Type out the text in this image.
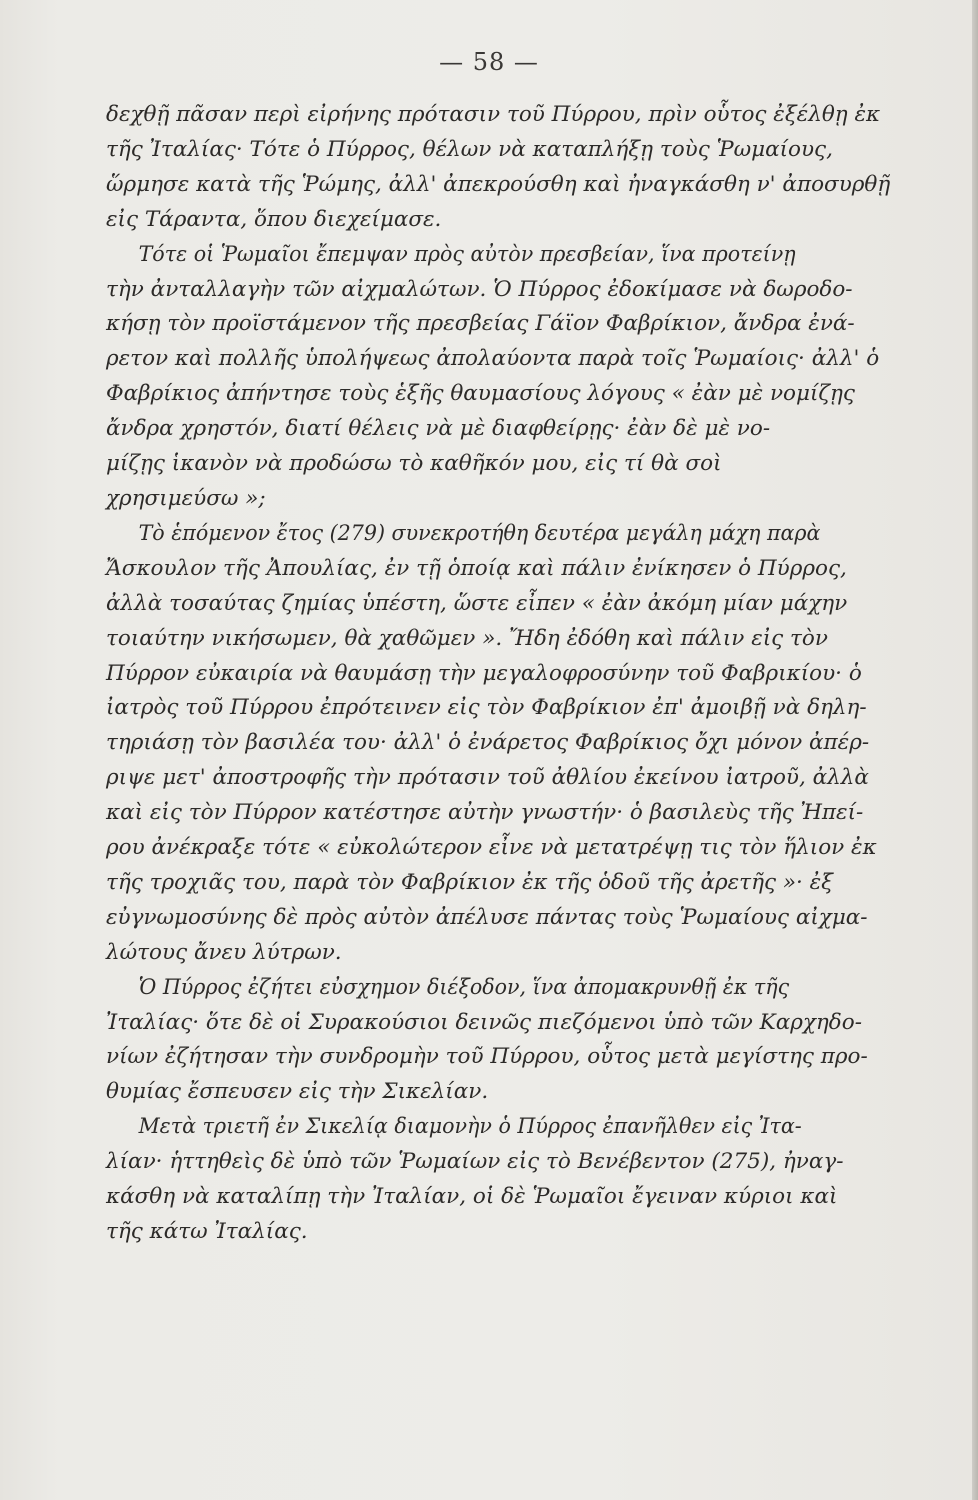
— 58 —
δεχθῇ πᾶσαν περὶ εἰρήνης πρότασιν τοῦ Πύρρου, πρὶν οὗτος ἐξέλθῃ ἐκ
τῆς Ἰταλίας· Τότε ὁ Πύρρος, θέλων νὰ καταπλήξῃ τοὺς Ῥωμαίους,
ὥρμησε κατὰ τῆς Ῥώμης, ἀλλ' ἀπεκρούσθη καὶ ἠναγκάσθη ν' ἀποσυρθῇ
εἰς Τάραντα, ὅπου διεχείμασε.
Τότε οἱ Ῥωμαῖοι ἔπεμψαν πρὸς αὐτὸν πρεσβείαν, ἵνα προτείνῃ
τὴν ἀνταλλαγὴν τῶν αἰχμαλώτων. Ὁ Πύρρος ἐδοκίμασε νὰ δωροδο-
κήσῃ τὸν προϊστάμενον τῆς πρεσβείας Γάϊον Φαβρίκιον, ἄνδρα ἐνά-
ρετον καὶ πολλῆς ὑπολήψεως ἀπολαύοντα παρὰ τοῖς Ῥωμαίοις· ἀλλ' ὁ
Φαβρίκιος ἀπήντησε τοὺς ἑξῆς θαυμασίους λόγους « ἐὰν μὲ νομίζῃς
ἄνδρα χρηστόν, διατί θέλεις νὰ μὲ διαφθείρῃς· ἐὰν δὲ μὲ νο-
μίζῃς ἱκανὸν νὰ προδώσω τὸ καθῆκόν μου, εἰς τί θὰ σοὶ
χρησιμεύσω »;
Τὸ ἑπόμενον ἔτος (279) συνεκροτήθη δευτέρα μεγάλη μάχη παρὰ
Ἄσκουλον τῆς Ἀπουλίας, ἐν τῇ ὁποίᾳ καὶ πάλιν ἐνίκησεν ὁ Πύρρος,
ἀλλὰ τοσαύτας ζημίας ὑπέστη, ὥστε εἶπεν « ἐὰν ἀκόμη μίαν μάχην
τοιαύτην νικήσωμεν, θὰ χαθῶμεν ». Ἤδη ἐδόθη καὶ πάλιν εἰς τὸν
Πύρρον εὐκαιρία νὰ θαυμάσῃ τὴν μεγαλοφροσύνην τοῦ Φαβρικίου· ὁ
ἰατρὸς τοῦ Πύρρου ἐπρότεινεν εἰς τὸν Φαβρίκιον ἐπ' ἀμοιβῇ νὰ δηλη-
τηριάσῃ τὸν βασιλέα του· ἀλλ' ὁ ἐνάρετος Φαβρίκιος ὄχι μόνον ἀπέρ-
ριψε μετ' ἀποστροφῆς τὴν πρότασιν τοῦ ἀθλίου ἐκείνου ἰατροῦ, ἀλλὰ
καὶ εἰς τὸν Πύρρον κατέστησε αὐτὴν γνωστήν· ὁ βασιλεὺς τῆς Ἠπεί-
ρου ἀνέκραξε τότε « εὐκολώτερον εἶνε νὰ μετατρέψῃ τις τὸν ἥλιον ἐκ
τῆς τροχιᾶς του, παρὰ τὸν Φαβρίκιον ἐκ τῆς ὁδοῦ τῆς ἀρετῆς »· ἐξ
εὐγνωμοσύνης δὲ πρὸς αὐτὸν ἀπέλυσε πάντας τοὺς Ῥωμαίους αἰχμα-
λώτους ἄνευ λύτρων.
Ὁ Πύρρος ἐζήτει εὐσχημον διέξοδον, ἵνα ἀπομακρυνθῇ ἐκ τῆς
Ἰταλίας· ὅτε δὲ οἱ Συρακούσιοι δεινῶς πιεζόμενοι ὑπὸ τῶν Καρχηδο-
νίων ἐζήτησαν τὴν συνδρομὴν τοῦ Πύρρου, οὗτος μετὰ μεγίστης προ-
θυμίας ἔσπευσεν εἰς τὴν Σικελίαν.
Μετὰ τριετῆ ἐν Σικελίᾳ διαμονὴν ὁ Πύρρος ἐπανῆλθεν εἰς Ἰτα-
λίαν· ἡττηθεὶς δὲ ὑπὸ τῶν Ῥωμαίων εἰς τὸ Βενέβεντον (275), ἠναγ-
κάσθη νὰ καταλίπῃ τὴν Ἰταλίαν, οἱ δὲ Ῥωμαῖοι ἔγειναν κύριοι καὶ
τῆς κάτω Ἰταλίας.
